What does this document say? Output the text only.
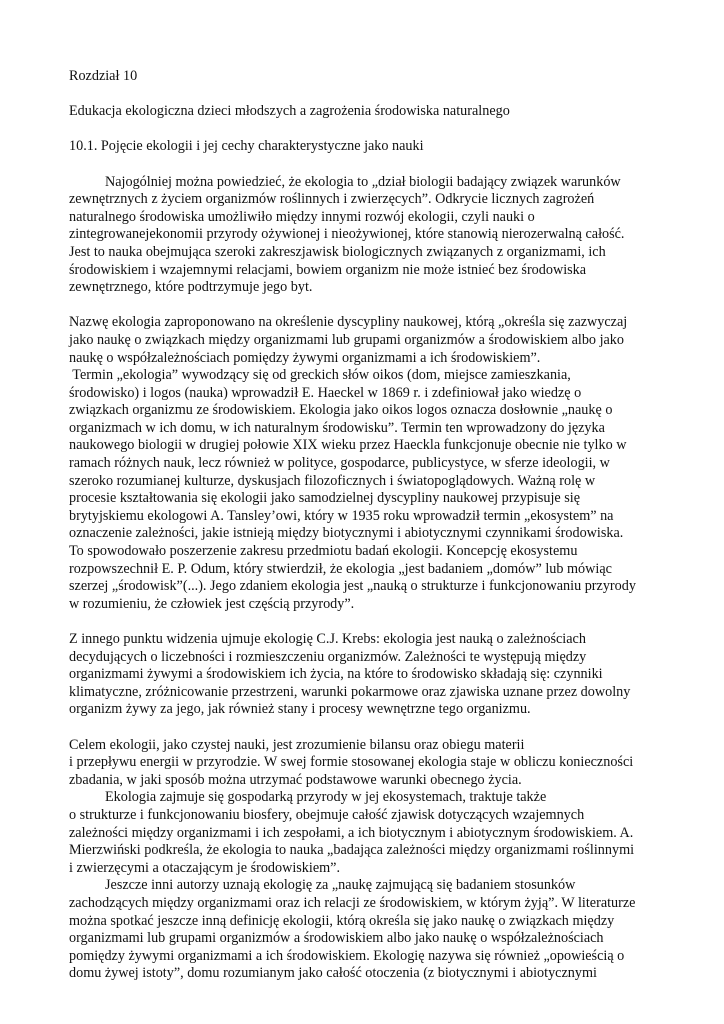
Rozdział 10
Edukacja ekologiczna dzieci młodszych a zagrożenia środowiska naturalnego
10.1. Pojęcie ekologii i jej cechy charakterystyczne jako nauki
Najogólniej można powiedzieć, że ekologia to „dział biologii badający związek warunków
zewnętrznych z życiem organizmów roślinnych i zwierzęcych”. Odkrycie licznych zagrożeń
naturalnego środowiska umożliwiło między innymi rozwój ekologii, czyli nauki o
zintegrowanejekonomii przyrody ożywionej i nieożywionej, które stanowią nierozerwalną całość.
Jest to nauka obejmująca szeroki zakreszjawisk biologicznych związanych z organizmami, ich
środowiskiem i wzajemnymi relacjami, bowiem organizm nie może istnieć bez środowiska
zewnętrznego, które podtrzymuje jego byt.
Nazwę ekologia zaproponowano na określenie dyscypliny naukowej, którą „określa się zazwyczaj
jako naukę o związkach między organizmami lub grupami organizmów a środowiskiem albo jako
naukę o współzależnościach pomiędzy żywymi organizmami a ich środowiskiem”.
Termin „ekologia” wywodzący się od greckich słów oikos (dom, miejsce zamieszkania,
środowisko) i logos (nauka) wprowadził E. Haeckel w 1869 r. i zdefiniował jako wiedzę o
związkach organizmu ze środowiskiem. Ekologia jako oikos logos oznacza dosłownie „naukę o
organizmach w ich domu, w ich naturalnym środowisku”. Termin ten wprowadzony do języka
naukowego biologii w drugiej połowie XIX wieku przez Haeckla funkcjonuje obecnie nie tylko w
ramach różnych nauk, lecz również w polityce, gospodarce, publicystyce, w sferze ideologii, w
szeroko rozumianej kulturze, dyskusjach filozoficznych i światopoglądowych. Ważną rolę w
procesie kształtowania się ekologii jako samodzielnej dyscypliny naukowej przypisuje się
brytyjskiemu ekologowi A. Tansley’owi, który w 1935 roku wprowadził termin „ekosystem” na
oznaczenie zależności, jakie istnieją między biotycznymi i abiotycznymi czynnikami środowiska.
To spowodowało poszerzenie zakresu przedmiotu badań ekologii. Koncepcję ekosystemu
rozpowszechnił E. P. Odum, który stwierdził, że ekologia „jest badaniem „domów” lub mówiąc
szerzej „środowisk”(...). Jego zdaniem ekologia jest „nauką o strukturze i funkcjonowaniu przyrody
w rozumieniu, że człowiek jest częścią przyrody”.
Z innego punktu widzenia ujmuje ekologię C.J. Krebs: ekologia jest nauką o zależnościach
decydujących o liczebności i rozmieszczeniu organizmów. Zależności te występują między
organizmami żywymi a środowiskiem ich życia, na które to środowisko składają się: czynniki
klimatyczne, zróżnicowanie przestrzeni, warunki pokarmowe oraz zjawiska uznane przez dowolny
organizm żywy za jego, jak również stany i procesy wewnętrzne tego organizmu.
Celem ekologii, jako czystej nauki, jest zrozumienie bilansu oraz obiegu materii
i przepływu energii w przyrodzie. W swej formie stosowanej ekologia staje w obliczu konieczności
zbadania, w jaki sposób można utrzymać podstawowe warunki obecnego życia.
Ekologia zajmuje się gospodarką przyrody w jej ekosystemach, traktuje także
o strukturze i funkcjonowaniu biosfery, obejmuje całość zjawisk dotyczących wzajemnych
zależności między organizmami i ich zespołami, a ich biotycznym i abiotycznym środowiskiem. A.
Mierzwiński podkreśla, że ekologia to nauka „badająca zależności między organizmami roślinnymi
i zwierzęcymi a otaczającym je środowiskiem”.
Jeszcze inni autorzy uznają ekologię za „naukę zajmującą się badaniem stosunków
zachodzących między organizmami oraz ich relacji ze środowiskiem, w którym żyją”. W literaturze
można spotkać jeszcze inną definicję ekologii, którą określa się jako naukę o związkach między
organizmami lub grupami organizmów a środowiskiem albo jako naukę o współzależnościach
pomiędzy żywymi organizmami a ich środowiskiem. Ekologię nazywa się również „opowieścią o
domu żywej istoty”, domu rozumianym jako całość otoczenia (z biotycznymi i abiotycznymi
